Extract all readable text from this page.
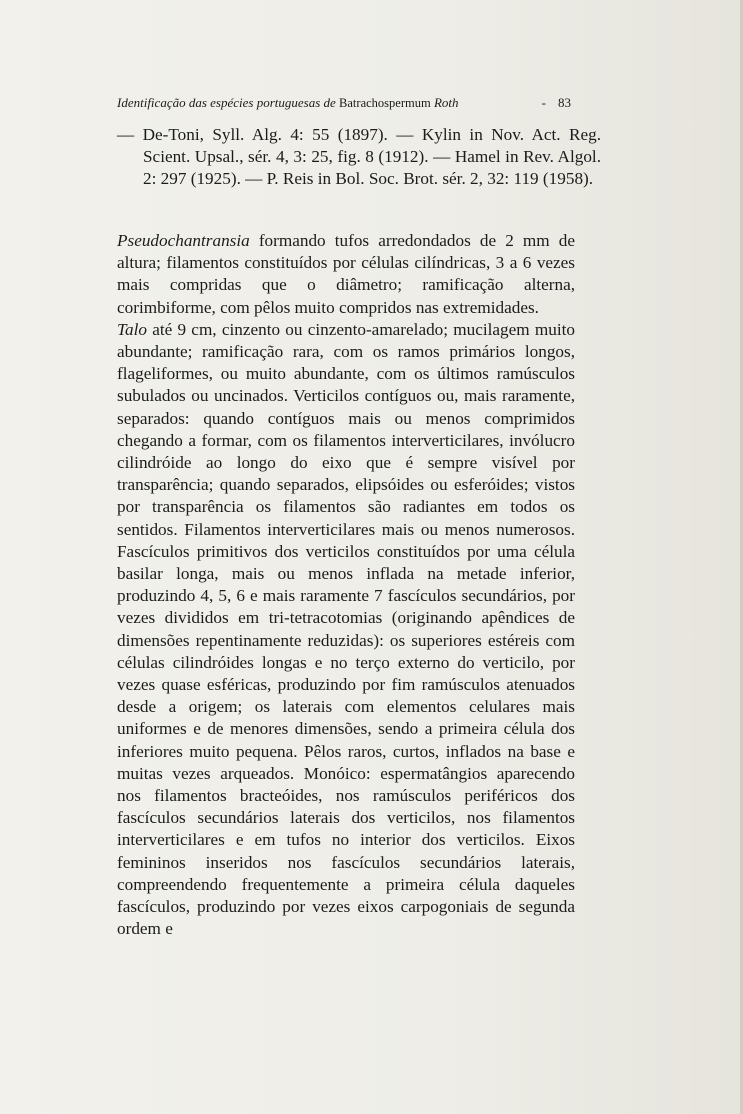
Identificação das espécies portuguesas de Batrachospermum Roth	- 83

— De-Toni, Syll. Alg. 4: 55 (1897). — Kylin in Nov. Act. Reg. Scient. Upsal., sér. 4, 3: 25, fig. 8 (1912). — Hamel in Rev. Algol. 2: 297 (1925). — P. Reis in Bol. Soc. Brot. sér. 2, 32: 119 (1958).

Pseudochantransia formando tufos arredondados de 2 mm de altura; filamentos constituídos por células cilíndricas, 3 a 6 vezes mais compridas que o diâmetro; ramificação alterna, corimbiforme, com pêlos muito compridos nas extremidades.

Talo até 9 cm, cinzento ou cinzento-amarelado; mucilagem muito abundante; ramificação rara, com os ramos primários longos, flageliformes, ou muito abundante, com os últimos ramúsculos subulados ou uncinados. Verticilos contíguos ou, mais raramente, separados: quando contíguos mais ou menos comprimidos chegando a formar, com os filamentos interverticilares, invólucro cilindróide ao longo do eixo que é sempre visível por transparência; quando separados, elipsóides ou esferóides; vistos por transparência os filamentos são radiantes em todos os sentidos. Filamentos interverticilares mais ou menos numerosos. Fascículos primitivos dos verticilos constituídos por uma célula basilar longa, mais ou menos inflada na metade inferior, produzindo 4, 5, 6 e mais raramente 7 fascículos secundários, por vezes divididos em tri-tetracotomias (originando apêndices de dimensões repentinamente reduzidas): os superiores estéreis com células cilindróides longas e no terço externo do verticilo, por vezes quase esféricas, produzindo por fim ramúsculos atenuados desde a origem; os laterais com elementos celulares mais uniformes e de menores dimensões, sendo a primeira célula dos inferiores muito pequena. Pêlos raros, curtos, inflados na base e muitas vezes arqueados. Monóico: espermatângios aparecendo nos filamentos bracteóides, nos ramúsculos periféricos dos fascículos secundários laterais dos verticilos, nos filamentos interverticilares e em tufos no interior dos verticilos. Eixos femininos inseridos nos fascículos secundários laterais, compreendendo frequentemente a primeira célula daqueles fascículos, produzindo por vezes eixos carpogoniais de segunda ordem e
